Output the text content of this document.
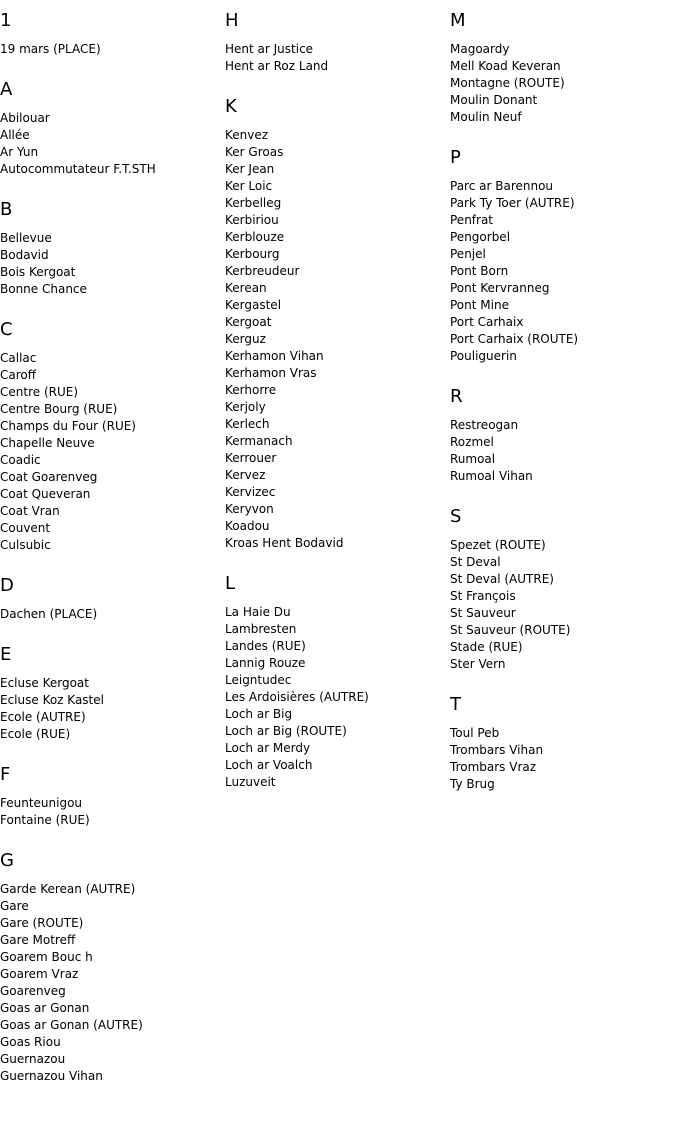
1
19 mars (PLACE)
A
Abilouar
Allée
Ar Yun
Autocommutateur F.T.STH
B
Bellevue
Bodavid
Bois Kergoat
Bonne Chance
C
Callac
Caroff
Centre (RUE)
Centre Bourg (RUE)
Champs du Four (RUE)
Chapelle Neuve
Coadic
Coat Goarenveg
Coat Queveran
Coat Vran
Couvent
Culsubic
D
Dachen (PLACE)
E
Ecluse Kergoat
Ecluse Koz Kastel
Ecole (AUTRE)
Ecole (RUE)
F
Feunteunigou
Fontaine (RUE)
G
Garde Kerean (AUTRE)
Gare
Gare (ROUTE)
Gare Motreff
Goarem Bouc h
Goarem Vraz
Goarenveg
Goas ar Gonan
Goas ar Gonan (AUTRE)
Goas Riou
Guernazou
Guernazou Vihan
H
Hent ar Justice
Hent ar Roz Land
K
Kenvez
Ker Groas
Ker Jean
Ker Loic
Kerbelleg
Kerbiriou
Kerblouze
Kerbourg
Kerbreudeur
Kerean
Kergastel
Kergoat
Kerguz
Kerhamon Vihan
Kerhamon Vras
Kerhorre
Kerjoly
Kerlech
Kermanach
Kerrouer
Kervez
Kervizec
Keryvon
Koadou
Kroas Hent Bodavid
L
La Haie Du
Lambresten
Landes (RUE)
Lannig Rouze
Leigntudec
Les Ardoisières (AUTRE)
Loch ar Big
Loch ar Big (ROUTE)
Loch ar Merdy
Loch ar Voalch
Luzuveit
M
Magoardy
Mell Koad Keveran
Montagne (ROUTE)
Moulin Donant
Moulin Neuf
P
Parc ar Barennou
Park Ty Toer (AUTRE)
Penfrat
Pengorbel
Penjel
Pont Born
Pont Kervranneg
Pont Mine
Port Carhaix
Port Carhaix (ROUTE)
Pouliguerin
R
Restreogan
Rozmel
Rumoal
Rumoal Vihan
S
Spezet (ROUTE)
St Deval
St Deval (AUTRE)
St François
St Sauveur
St Sauveur (ROUTE)
Stade (RUE)
Ster Vern
T
Toul Peb
Trombars Vihan
Trombars Vraz
Ty Brug
